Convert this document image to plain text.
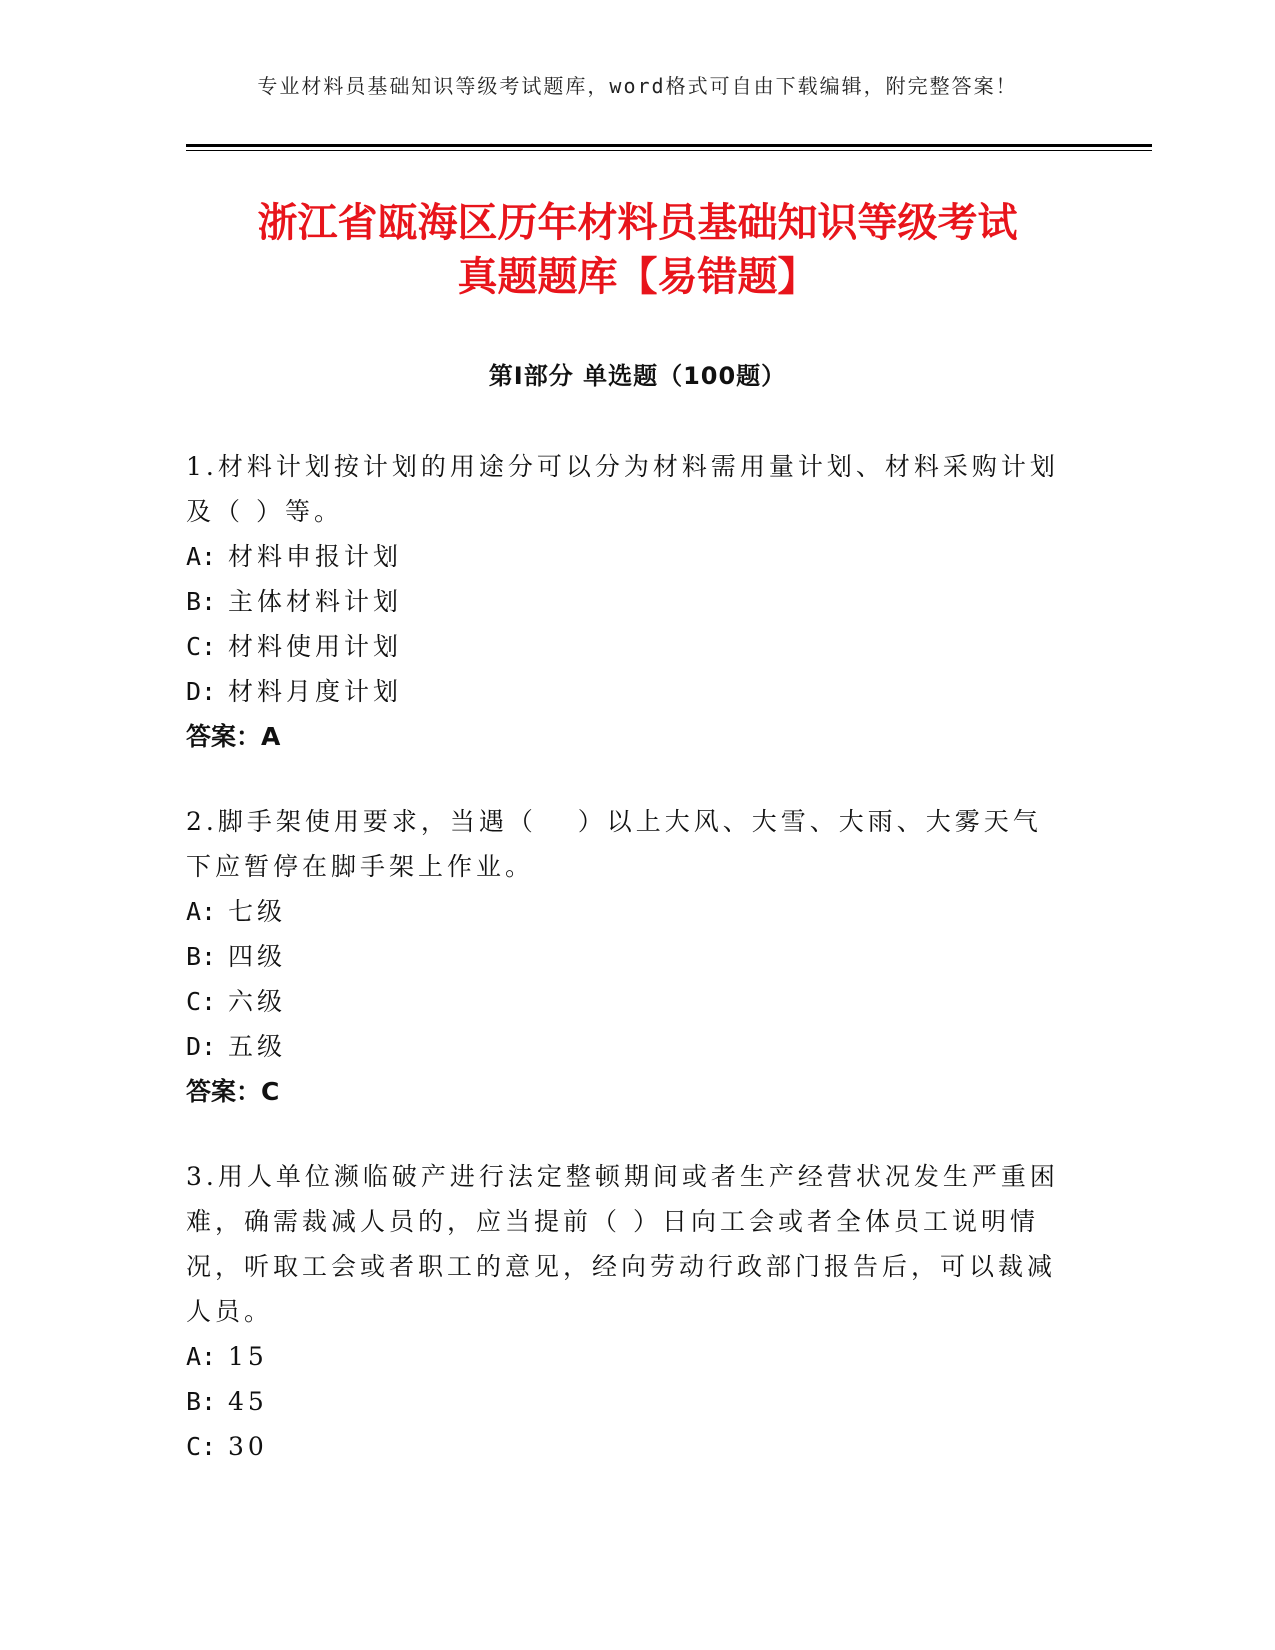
专业材料员基础知识等级考试题库，word格式可自由下载编辑，附完整答案！
浙江省瓯海区历年材料员基础知识等级考试
真题题库【易错题】
第Ⅰ部分 单选题（100题）
1.材料计划按计划的用途分可以分为材料需用量计划、材料采购计划及（ ）等。
A: 材料申报计划
B: 主体材料计划
C: 材料使用计划
D: 材料月度计划
答案：A
2.脚手架使用要求，当遇（　 ）以上大风、大雪、大雨、大雾天气下应暂停在脚手架上作业。
A: 七级
B: 四级
C: 六级
D: 五级
答案：C
3.用人单位濒临破产进行法定整顿期间或者生产经营状况发生严重困难，确需裁减人员的，应当提前（ ）日向工会或者全体员工说明情况，听取工会或者职工的意见，经向劳动行政部门报告后，可以裁减人员。
A: 15
B: 45
C: 30
